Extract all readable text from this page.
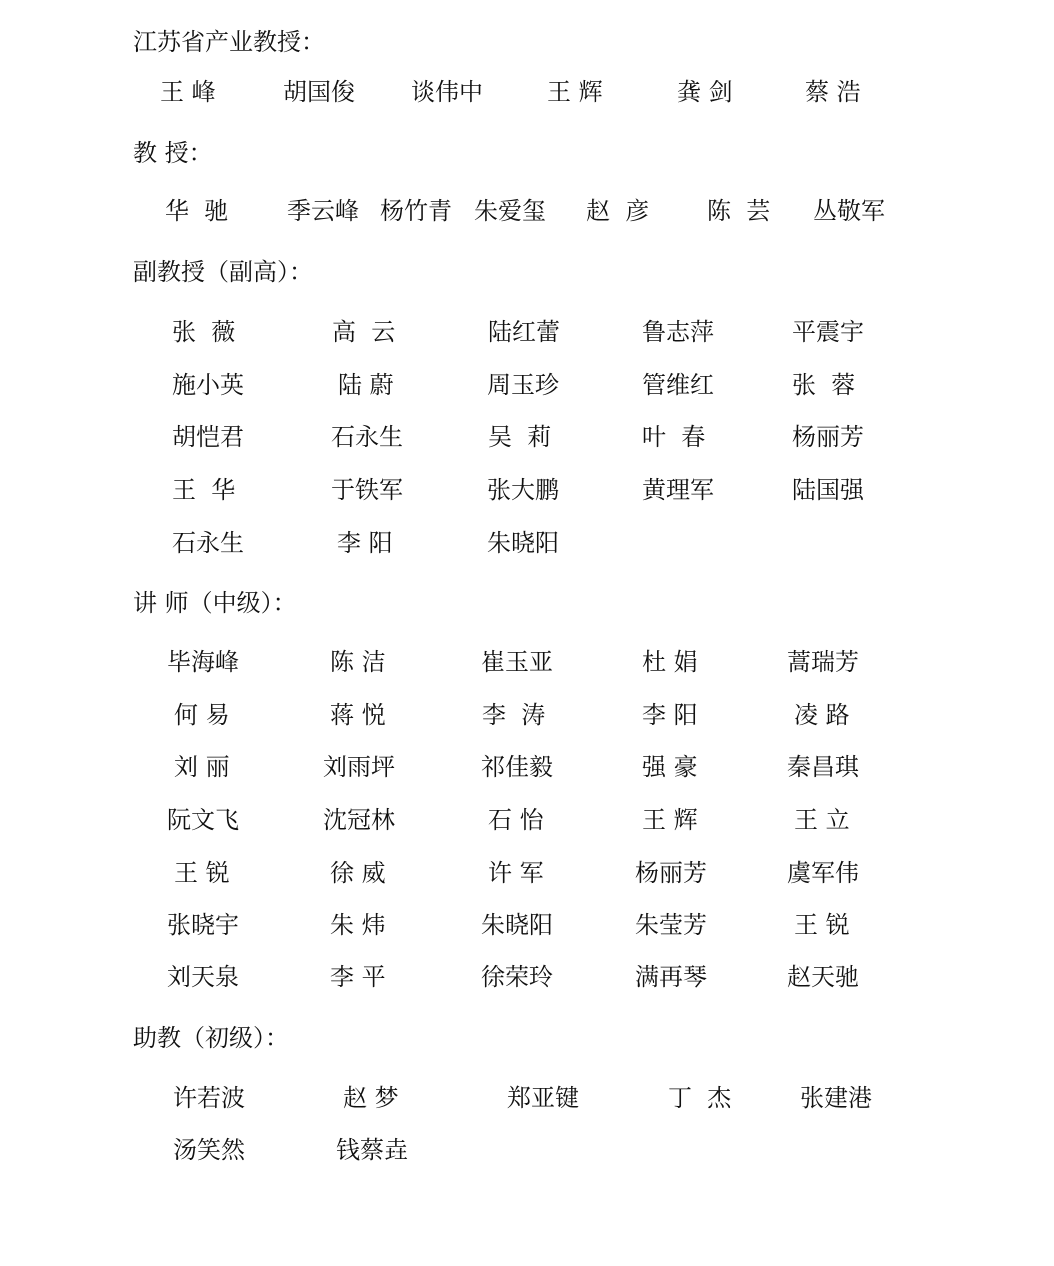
江苏省产业教授：
王 峰	胡国俊 谈伟中	王 辉	龚 剑	蔡 浩
教 授：
华  驰 季云峰 杨竹青 朱爱玺 赵  彦 陈  芸 丛敬军
副教授（副高）：
张  薇	高  云	陆红蕾	鲁志萍	平震宇
施小英	陆 蔚	周玉珍	管维红	张  蓉
胡恺君	石永生	吴  莉	叶  春	杨丽芳
王  华	于铁军	张大鹏	黄理军	陆国强
石永生	李 阳	朱晓阳
讲 师（中级）：
毕海峰	陈 洁	崔玉亚	杜 娟	蒿瑞芳
何 易	蒋 悦	李  涛	李 阳	凌 路
刘 丽	刘雨坪	祁佳毅	强 豪	秦昌琪
阮文飞	沈冠林	石 怡	王 辉	王 立
王 锐	徐 威	许 军	杨丽芳	虞军伟
张晓宇	朱 炜	朱晓阳	朱莹芳	王 锐
刘天泉	李 平	徐荣玲	满再琴	赵天驰
助教（初级）：
许若波	赵 梦	郑亚键	丁  杰	张建港
汤笑然	钱蔡垚
